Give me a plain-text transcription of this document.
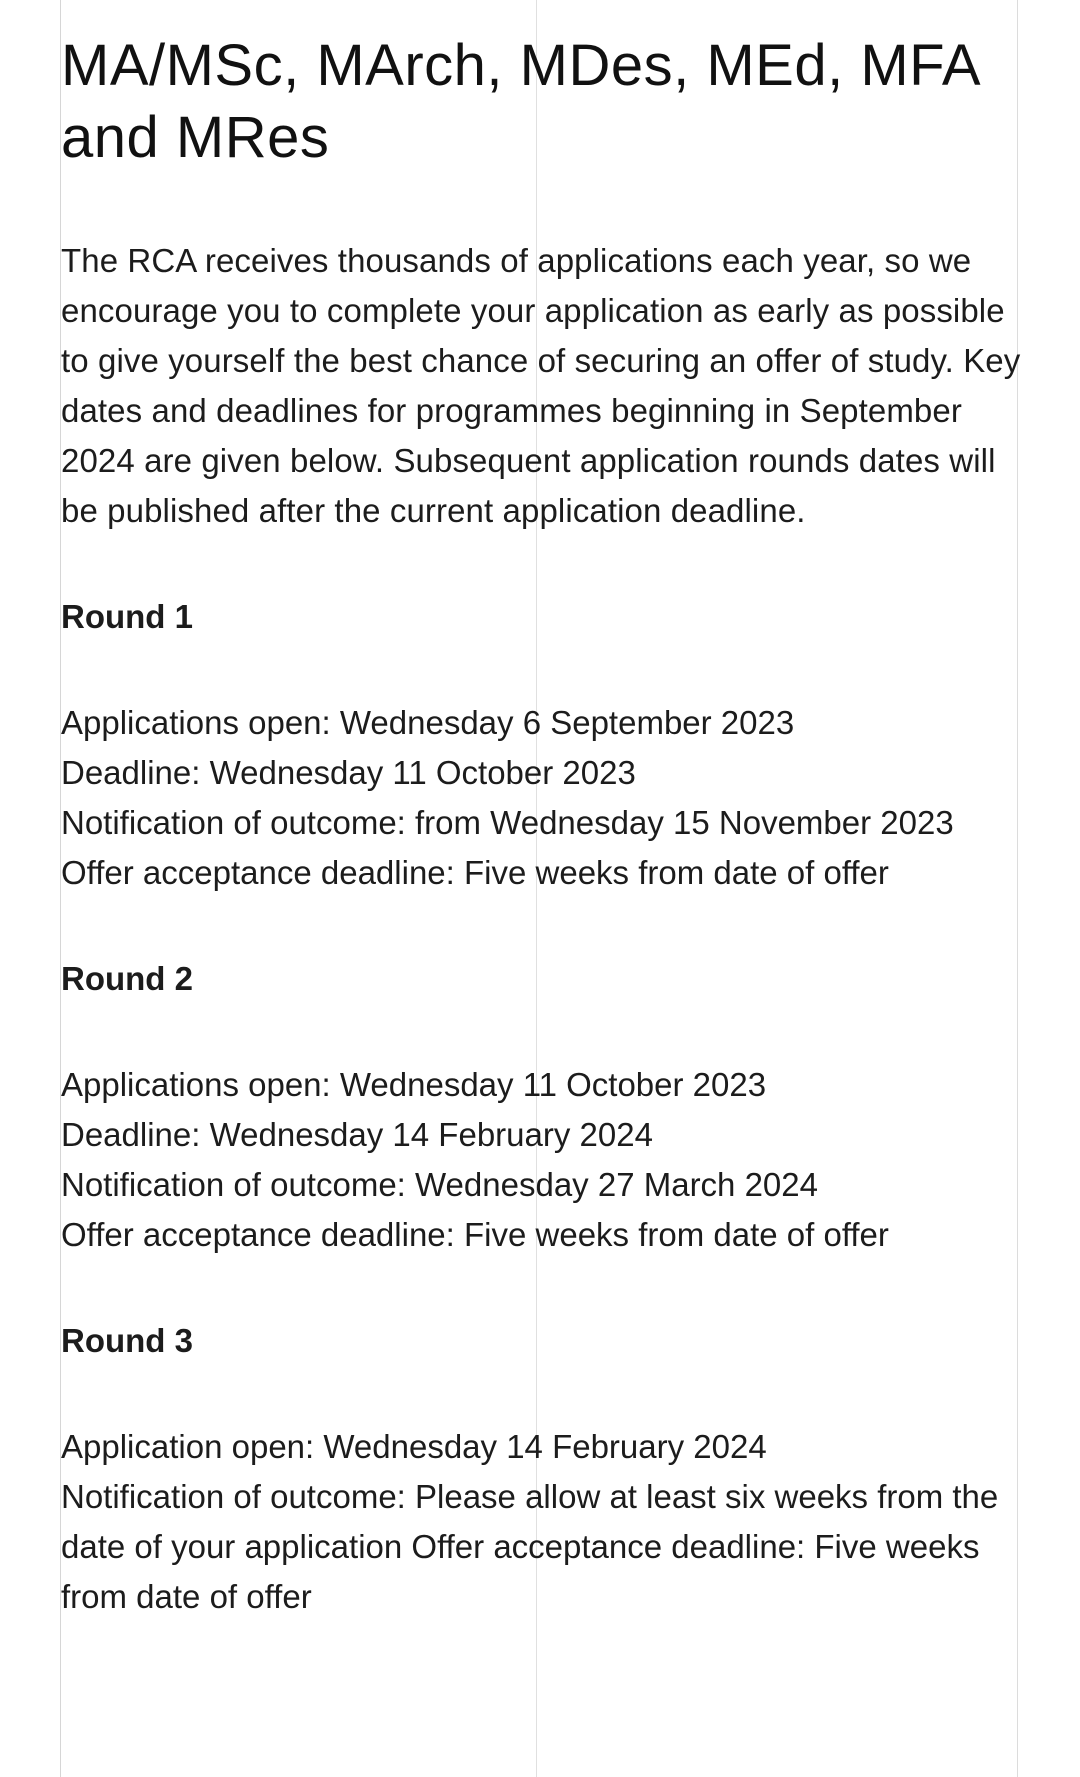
MA/MSc, MArch, MDes, MEd, MFA and MRes

The RCA receives thousands of applications each year, so we encourage you to complete your application as early as possible to give yourself the best chance of securing an offer of study. Key dates and deadlines for programmes beginning in September 2024 are given below. Subsequent application rounds dates will be published after the current application deadline.

Round 1
Applications open: Wednesday 6 September 2023
Deadline: Wednesday 11 October 2023
Notification of outcome: from Wednesday 15 November 2023
Offer acceptance deadline: Five weeks from date of offer
Round 2
Applications open: Wednesday 11 October 2023
Deadline: Wednesday 14 February 2024
Notification of outcome: Wednesday 27 March 2024
Offer acceptance deadline: Five weeks from date of offer
Round 3
Application open: Wednesday 14 February 2024
Notification of outcome: Please allow at least six weeks from the date of your application Offer acceptance deadline: Five weeks from date of offer
